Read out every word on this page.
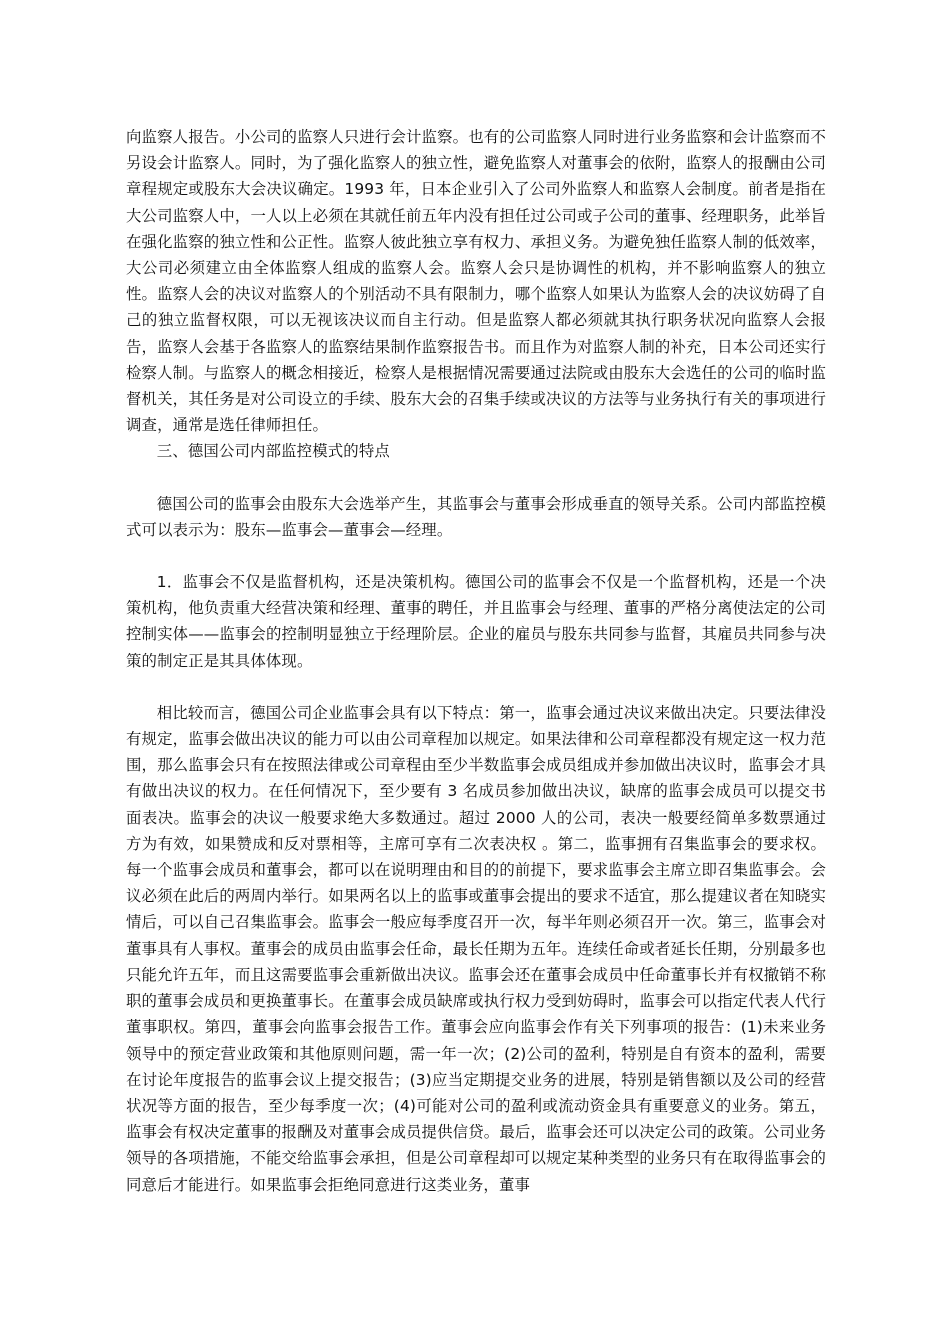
向监察人报告。小公司的监察人只进行会计监察。也有的公司监察人同时进行业务监察和会计监察而不另设会计监察人。同时，为了强化监察人的独立性，避免监察人对董事会的依附，监察人的报酬由公司章程规定或股东大会决议确定。1993 年，日本企业引入了公司外监察人和监察人会制度。前者是指在大公司监察人中，一人以上必须在其就任前五年内没有担任过公司或子公司的董事、经理职务，此举旨在强化监察的独立性和公正性。监察人彼此独立享有权力、承担义务。为避免独任监察人制的低效率，大公司必须建立由全体监察人组成的监察人会。监察人会只是协调性的机构，并不影响监察人的独立性。监察人会的决议对监察人的个别活动不具有限制力，哪个监察人如果认为监察人会的决议妨碍了自己的独立监督权限，可以无视该决议而自主行动。但是监察人都必须就其执行职务状况向监察人会报告，监察人会基于各监察人的监察结果制作监察报告书。而且作为对监察人制的补充，日本公司还实行检察人制。与监察人的概念相接近，检察人是根据情况需要通过法院或由股东大会选任的公司的临时监督机关，其任务是对公司设立的手续、股东大会的召集手续或决议的方法等与业务执行有关的事项进行调查，通常是选任律师担任。

三、德国公司内部监控模式的特点

德国公司的监事会由股东大会选举产生，其监事会与董事会形成垂直的领导关系。公司内部监控模式可以表示为：股东—监事会—董事会—经理。

1．监事会不仅是监督机构，还是决策机构。德国公司的监事会不仅是一个监督机构，还是一个决策机构，他负责重大经营决策和经理、董事的聘任，并且监事会与经理、董事的严格分离使法定的公司控制实体——监事会的控制明显独立于经理阶层。企业的雇员与股东共同参与监督，其雇员共同参与决策的制定正是其具体体现。

相比较而言，德国公司企业监事会具有以下特点：第一，监事会通过决议来做出决定。只要法律没有规定，监事会做出决议的能力可以由公司章程加以规定。如果法律和公司章程都没有规定这一权力范围，那么监事会只有在按照法律或公司章程由至少半数监事会成员组成并参加做出决议时，监事会才具有做出决议的权力。在任何情况下，至少要有 3 名成员参加做出决议，缺席的监事会成员可以提交书面表决。监事会的决议一般要求绝大多数通过。超过 2000 人的公司，表决一般要经简单多数票通过方为有效，如果赞成和反对票相等，主席可享有二次表决权 。第二，监事拥有召集监事会的要求权。每一个监事会成员和董事会，都可以在说明理由和目的的前提下，要求监事会主席立即召集监事会。会议必须在此后的两周内举行。如果两名以上的监事或董事会提出的要求不适宜，那么提建议者在知晓实情后，可以自己召集监事会。监事会一般应每季度召开一次，每半年则必须召开一次。第三，监事会对董事具有人事权。董事会的成员由监事会任命，最长任期为五年。连续任命或者延长任期，分别最多也只能允许五年，而且这需要监事会重新做出决议。监事会还在董事会成员中任命董事长并有权撤销不称职的董事会成员和更换董事长。在董事会成员缺席或执行权力受到妨碍时，监事会可以指定代表人代行董事职权。第四，董事会向监事会报告工作。董事会应向监事会作有关下列事项的报告：(1)未来业务领导中的预定营业政策和其他原则问题，需一年一次；(2)公司的盈利，特别是自有资本的盈利，需要在讨论年度报告的监事会议上提交报告；(3)应当定期提交业务的进展，特别是销售额以及公司的经营状况等方面的报告，至少每季度一次；(4)可能对公司的盈利或流动资金具有重要意义的业务。第五，监事会有权决定董事的报酬及对董事会成员提供信贷。最后，监事会还可以决定公司的政策。公司业务领导的各项措施，不能交给监事会承担，但是公司章程却可以规定某种类型的业务只有在取得监事会的同意后才能进行。如果监事会拒绝同意进行这类业务，董事
